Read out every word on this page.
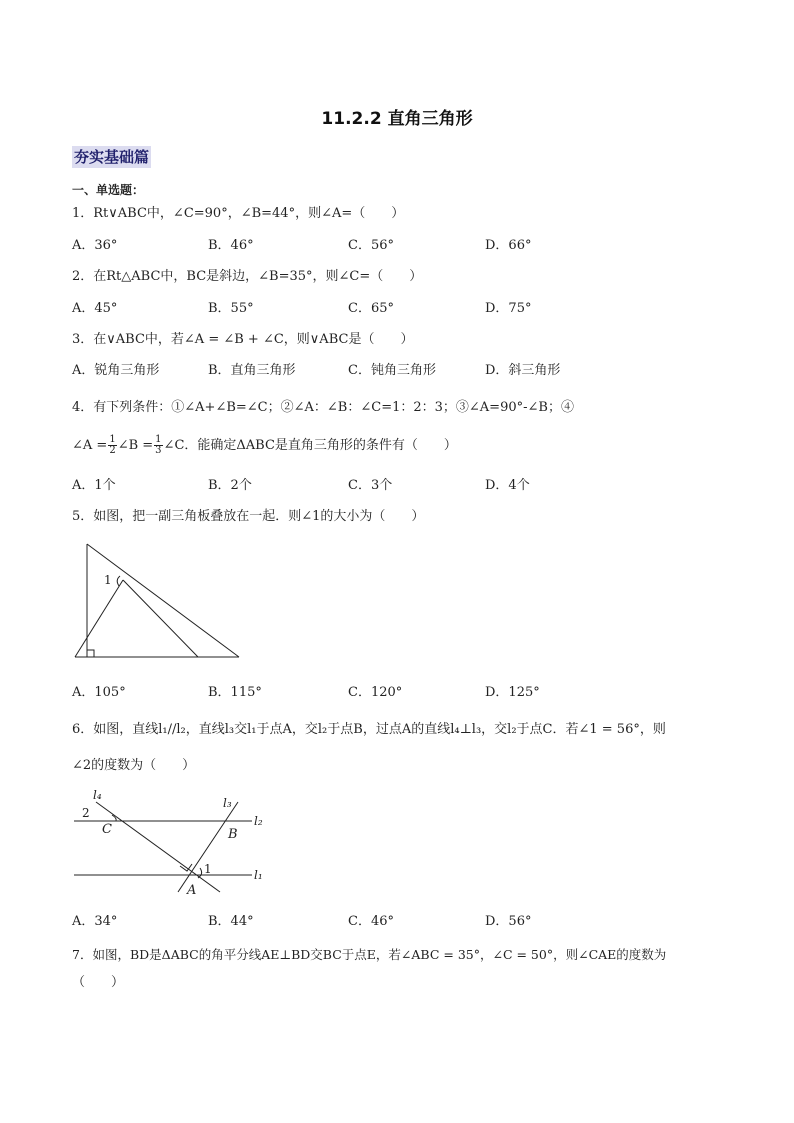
11.2.2 直角三角形
夯实基础篇
一、单选题：
1．Rt∨ABC中，∠C=90°，∠B=44°，则∠A=（　　）
A．36°	B．46°	C．56°	D．66°
2．在Rt△ABC中，BC是斜边，∠B=35°，则∠C=（　　）
A．45°	B．55°	C．65°	D．75°
3．在∨ABC中，若∠A = ∠B + ∠C，则∨ABC是（　　）
A．锐角三角形	B．直角三角形	C．钝角三角形	D．斜三角形
4．有下列条件：①∠A+∠B=∠C；②∠A：∠B：∠C=1：2：3；③∠A=90°-∠B；④
∠A = $\frac{1}{2}$ ∠B = $\frac{1}{3}$ ∠C．能确定ΔABC是直角三角形的条件有（　　）
A．1个	B．2个	C．3个	D．4个
5．如图，把一副三角板叠放在一起．则∠1的大小为（　　）
1
A．105°	B．115°	C．120°	D．125°
6．如图，直线l₁//l₂，直线l₃交l₁于点A，交l₂于点B，过点A的直线l₄⊥l₃，交l₂于点C．若∠1 = 56°，则
∠2的度数为（　　）
l₄
l₃
l₂
l₁
C	B
A
2
1
A．34°	B．44°	C．46°	D．56°
7．如图，BD是ΔABC的角平分线AE⊥BD交BC于点E，若∠ABC = 35°，∠C = 50°，则∠CAE的度数为
（　　）
